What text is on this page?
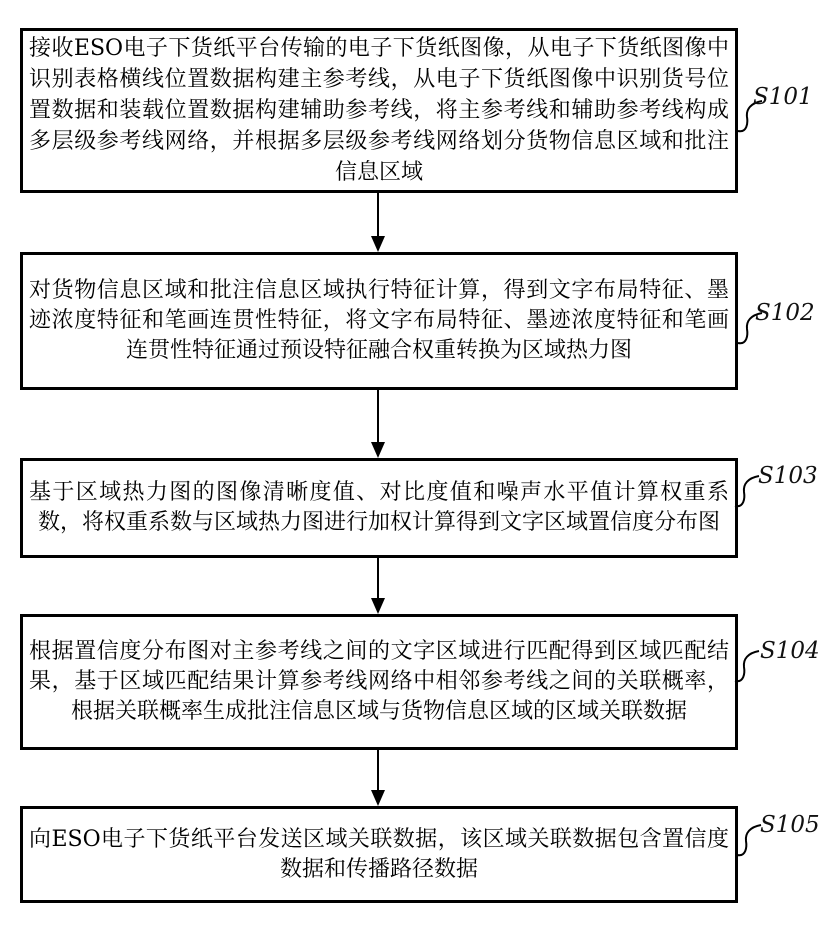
接收ESO电子下货纸平台传输的电子下货纸图像，从电子下货纸图像中识别表格横线位置数据构建主参考线，从电子下货纸图像中识别货号位置数据和装载位置数据构建辅助参考线，将主参考线和辅助参考线构成多层级参考线网络，并根据多层级参考线网络划分货物信息区域和批注信息区域
对货物信息区域和批注信息区域执行特征计算，得到文字布局特征、墨迹浓度特征和笔画连贯性特征，将文字布局特征、墨迹浓度特征和笔画连贯性特征通过预设特征融合权重转换为区域热力图
基于区域热力图的图像清晰度值、对比度值和噪声水平值计算权重系数，将权重系数与区域热力图进行加权计算得到文字区域置信度分布图
根据置信度分布图对主参考线之间的文字区域进行匹配得到区域匹配结果，基于区域匹配结果计算参考线网络中相邻参考线之间的关联概率，根据关联概率生成批注信息区域与货物信息区域的区域关联数据
向ESO电子下货纸平台发送区域关联数据，该区域关联数据包含置信度数据和传播路径数据
S101
S102
S103
S104
S105
